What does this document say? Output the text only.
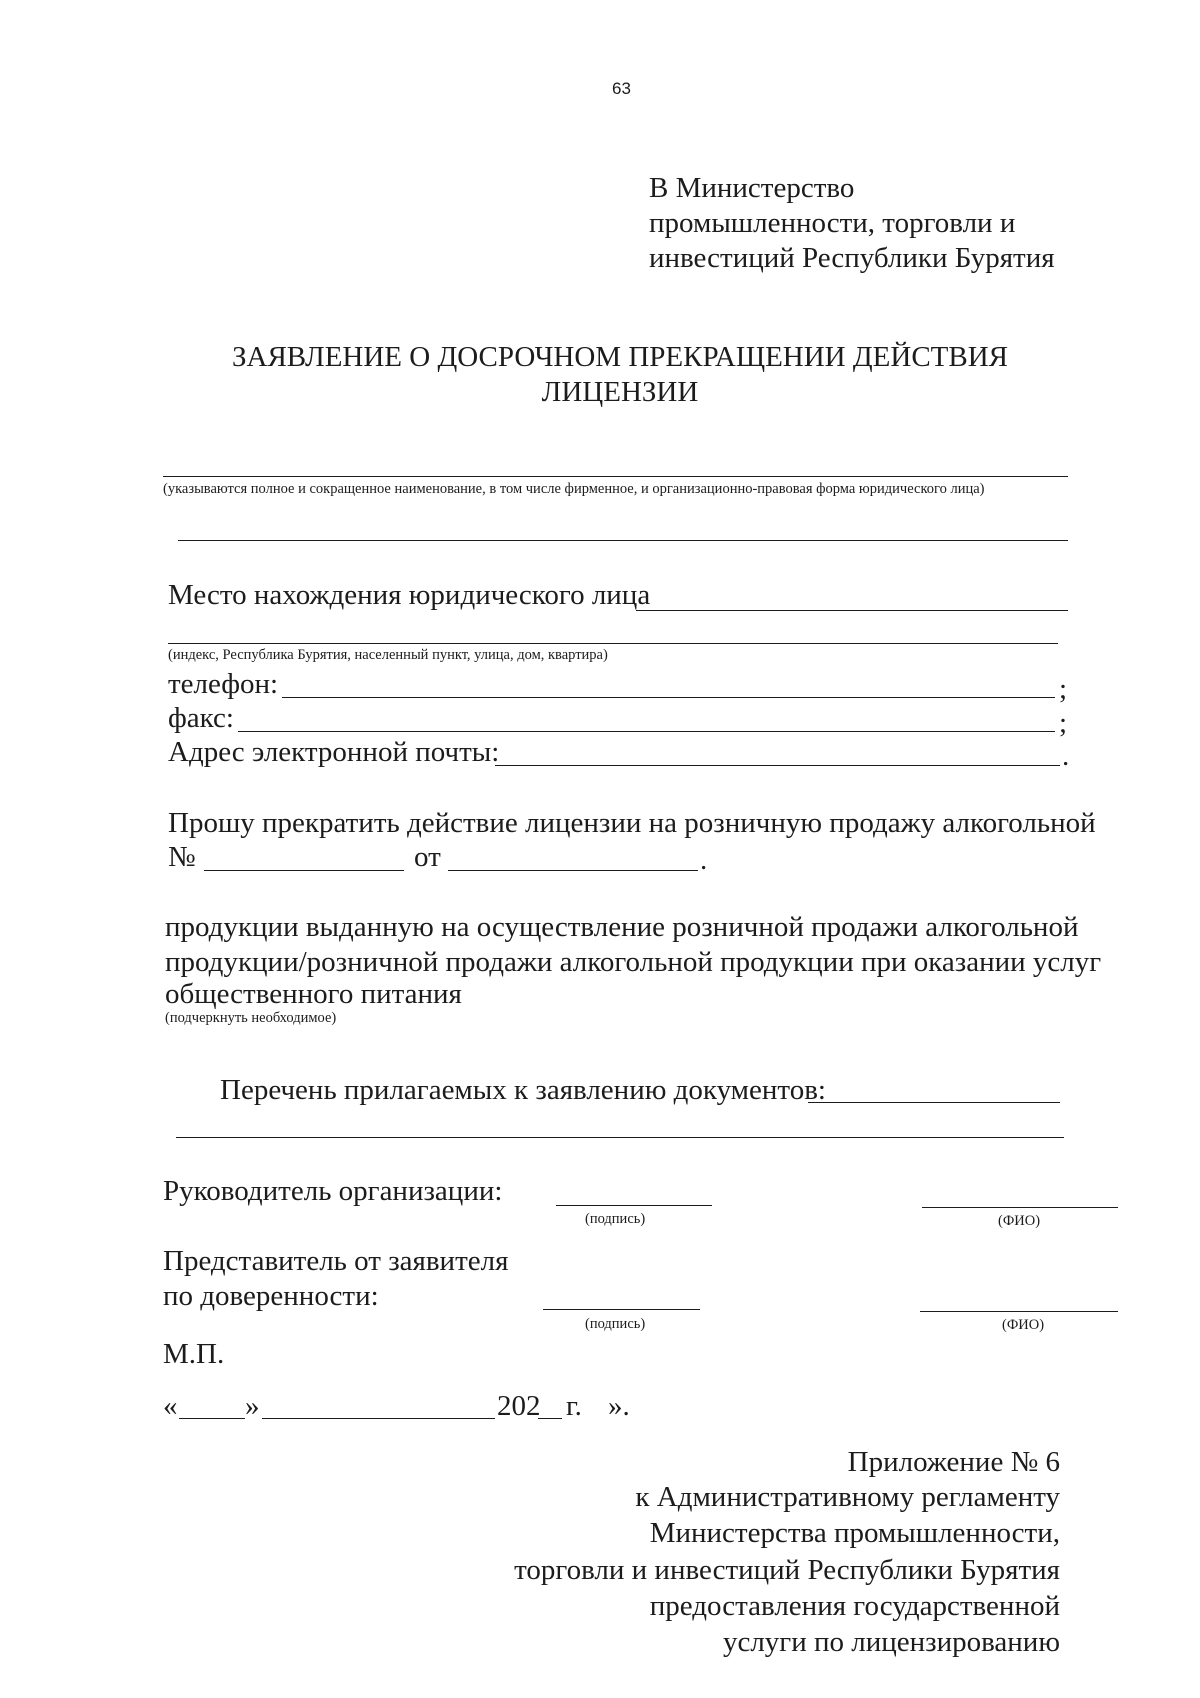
63
В Министерство
промышленности, торговли и
инвестиций Республики Бурятия
ЗАЯВЛЕНИЕ О ДОСРОЧНОМ ПРЕКРАЩЕНИИ ДЕЙСТВИЯ
ЛИЦЕНЗИИ
(указываются полное и сокращенное наименование, в том числе фирменное, и организационно-правовая форма юридического лица)
Место нахождения юридического лица
(индекс, Республика Бурятия, населенный пункт, улица, дом, квартира)
телефон:	;
факс:	;
Адрес электронной почты:	.
Прошу прекратить действие лицензии на розничную продажу алкогольной
№	от	.
продукции выданную на осуществление розничной продажи алкогольной
продукции/розничной продажи алкогольной продукции при оказании услуг
общественного питания
(подчеркнуть необходимое)
Перечень прилагаемых к заявлению документов:
Руководитель организации:
(подпись)	(ФИО)
Представитель от заявителя
по доверенности:
(подпись)	(ФИО)
М.П.
« »	202 г. ».
Приложение № 6
к Административному регламенту
Министерства промышленности,
торговли и инвестиций Республики Бурятия
предоставления государственной
услуги по лицензированию
